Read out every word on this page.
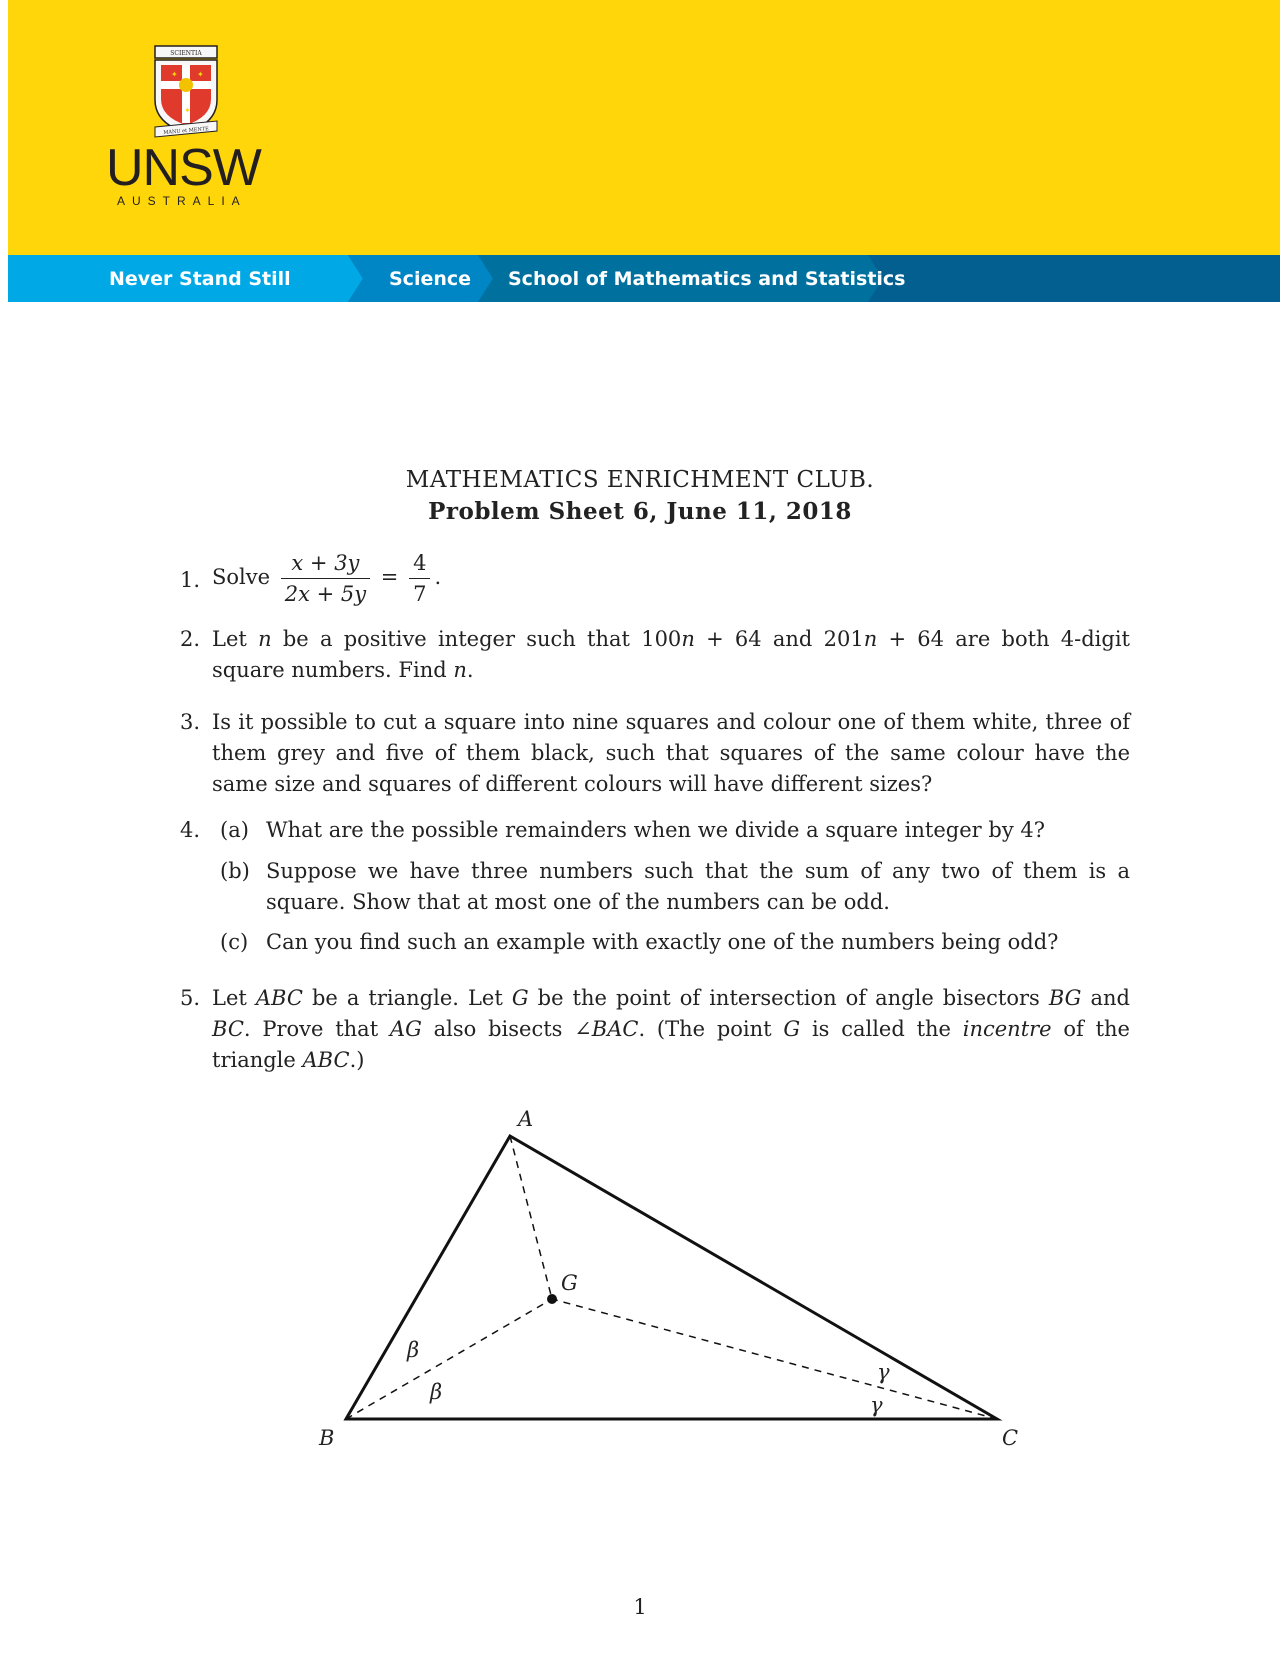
SCIENTIA
✦ ✦
✦
MANU et MENTE
UNSW
AUSTRALIA
Never Stand Still	Science School of Mathematics and Statistics
MATHEMATICS ENRICHMENT CLUB.
Problem Sheet 6, June 11, 2018
1. Solve $\frac{x + 3y}{2x + 5y} = \frac{4}{7}$ .
2. Let n be a positive integer such that 100n + 64 and 201n + 64 are both 4-digit square numbers. Find n.
3. Is it possible to cut a square into nine squares and colour one of them white, three of them grey and five of them black, such that squares of the same colour have the same size and squares of different colours will have different sizes?
4. (a) What are the possible remainders when we divide a square integer by 4?
(b) Suppose we have three numbers such that the sum of any two of them is a square. Show that at most one of the numbers can be odd.
(c) Can you find such an example with exactly one of the numbers being odd?
5. Let ABC be a triangle. Let G be the point of intersection of angle bisectors BG and BC. Prove that AG also bisects ∠BAC. (The point G is called the incentre of the triangle ABC.)
A
B	C
G
β
β
γ
γ
1
